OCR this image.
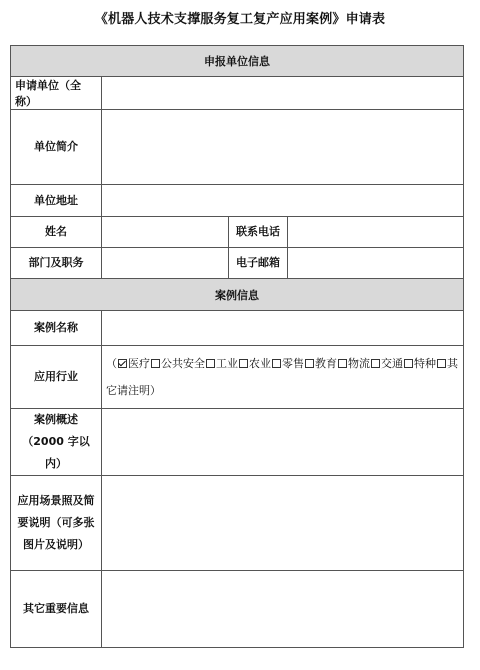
《机器人技术支撑服务复工复产应用案例》申请表
申报单位信息			
申请单位（全称）			
单位简介			
单位地址			
姓名		联系电话	
部门及职务		电子邮箱	
案例信息			
案例名称			
应用行业	（ 医疗 公共安全 工业 农业 零售 教育 物流 交通 特种 其它请注明）		

案例概述
（2000 字以内）			

应用场景照及简
要说明（可多张
图片及说明）			

其它重要信息			
